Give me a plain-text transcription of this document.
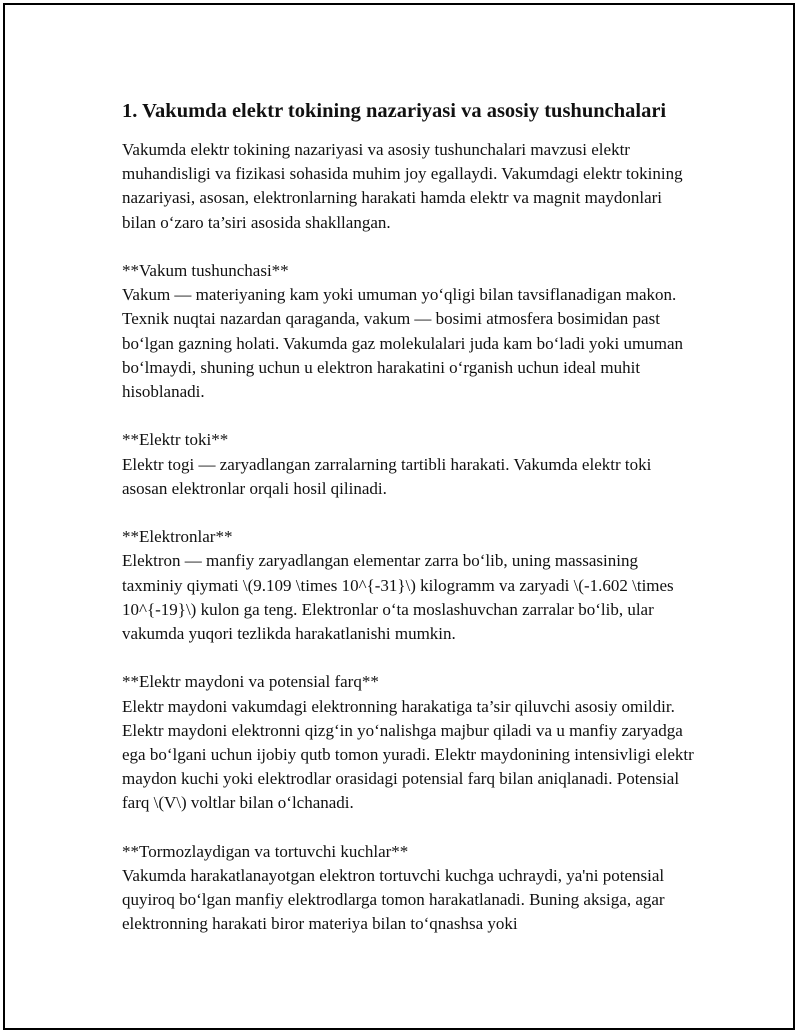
1. Vakumda elektr tokining nazariyasi va asosiy tushunchalari

Vakumda elektr tokining nazariyasi va asosiy tushunchalari mavzusi elektr muhandisligi va fizikasi sohasida muhim joy egallaydi. Vakumdagi elektr tokining nazariyasi, asosan, elektronlarning harakati hamda elektr va magnit maydonlari bilan o‘zaro ta’siri asosida shakllangan.

**Vakum tushunchasi**
Vakum — materiyaning kam yoki umuman yo‘qligi bilan tavsiflanadigan makon. Texnik nuqtai nazardan qaraganda, vakum — bosimi atmosfera bosimidan past bo‘lgan gazning holati. Vakumda gaz molekulalari juda kam bo‘ladi yoki umuman bo‘lmaydi, shuning uchun u elektron harakatini o‘rganish uchun ideal muhit hisoblanadi.

**Elektr toki**
Elektr togi — zaryadlangan zarralarning tartibli harakati. Vakumda elektr toki asosan elektronlar orqali hosil qilinadi.

**Elektronlar**
Elektron — manfiy zaryadlangan elementar zarra bo‘lib, uning massasining taxminiy qiymati \(9.109 \times 10^{-31}\) kilogramm va zaryadi \(-1.602 \times 10^{-19}\) kulon ga teng. Elektronlar o‘ta moslashuvchan zarralar bo‘lib, ular vakumda yuqori tezlikda harakatlanishi mumkin.

**Elektr maydoni va potensial farq**
Elektr maydoni vakumdagi elektronning harakatiga ta’sir qiluvchi asosiy omildir. Elektr maydoni elektronni qizg‘in yo‘nalishga majbur qiladi va u manfiy zaryadga ega bo‘lgani uchun ijobiy qutb tomon yuradi. Elektr maydonining intensivligi elektr maydon kuchi yoki elektrodlar orasidagi potensial farq bilan aniqlanadi. Potensial farq \(V\) voltlar bilan o‘lchanadi.

**Tormozlaydigan va tortuvchi kuchlar**
Vakumda harakatlanayotgan elektron tortuvchi kuchga uchraydi, ya'ni potensial quyiroq bo‘lgan manfiy elektrodlarga tomon harakatlanadi. Buning aksiga, agar elektronning harakati biror materiya bilan to‘qnashsa yoki
